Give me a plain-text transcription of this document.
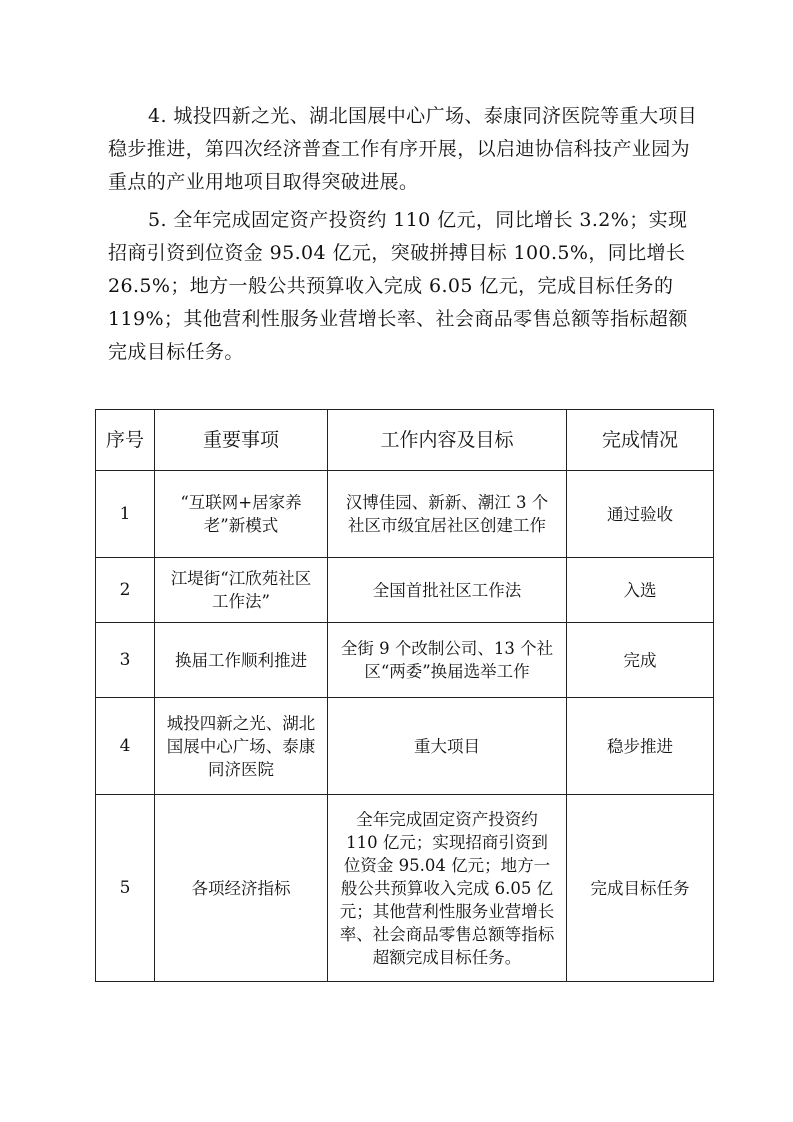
4. 城投四新之光、湖北国展中心广场、泰康同济医院等重大项目稳步推进，第四次经济普查工作有序开展，以启迪协信科技产业园为重点的产业用地项目取得突破进展。

5. 全年完成固定资产投资约 110 亿元，同比增长 3.2%；实现招商引资到位资金 95.04 亿元，突破拼搏目标 100.5%，同比增长 26.5%；地方一般公共预算收入完成 6.05 亿元，完成目标任务的 119%；其他营利性服务业营增长率、社会商品零售总额等指标超额完成目标任务。

序号	重要事项	工作内容及目标	完成情况
1	“互联网+居家养老”新模式	汉博佳园、新新、潮江 3 个社区市级宜居社区创建工作	通过验收
2	江堤街“江欣苑社区工作法”	全国首批社区工作法	入选
3	换届工作顺利推进	全街 9 个改制公司、13 个社区“两委”换届选举工作	完成
4	城投四新之光、湖北国展中心广场、泰康同济医院	重大项目	稳步推进
5	各项经济指标	全年完成固定资产投资约 110 亿元；实现招商引资到位资金 95.04 亿元；地方一般公共预算收入完成 6.05 亿元；其他营利性服务业营增长率、社会商品零售总额等指标超额完成目标任务。	完成目标任务
